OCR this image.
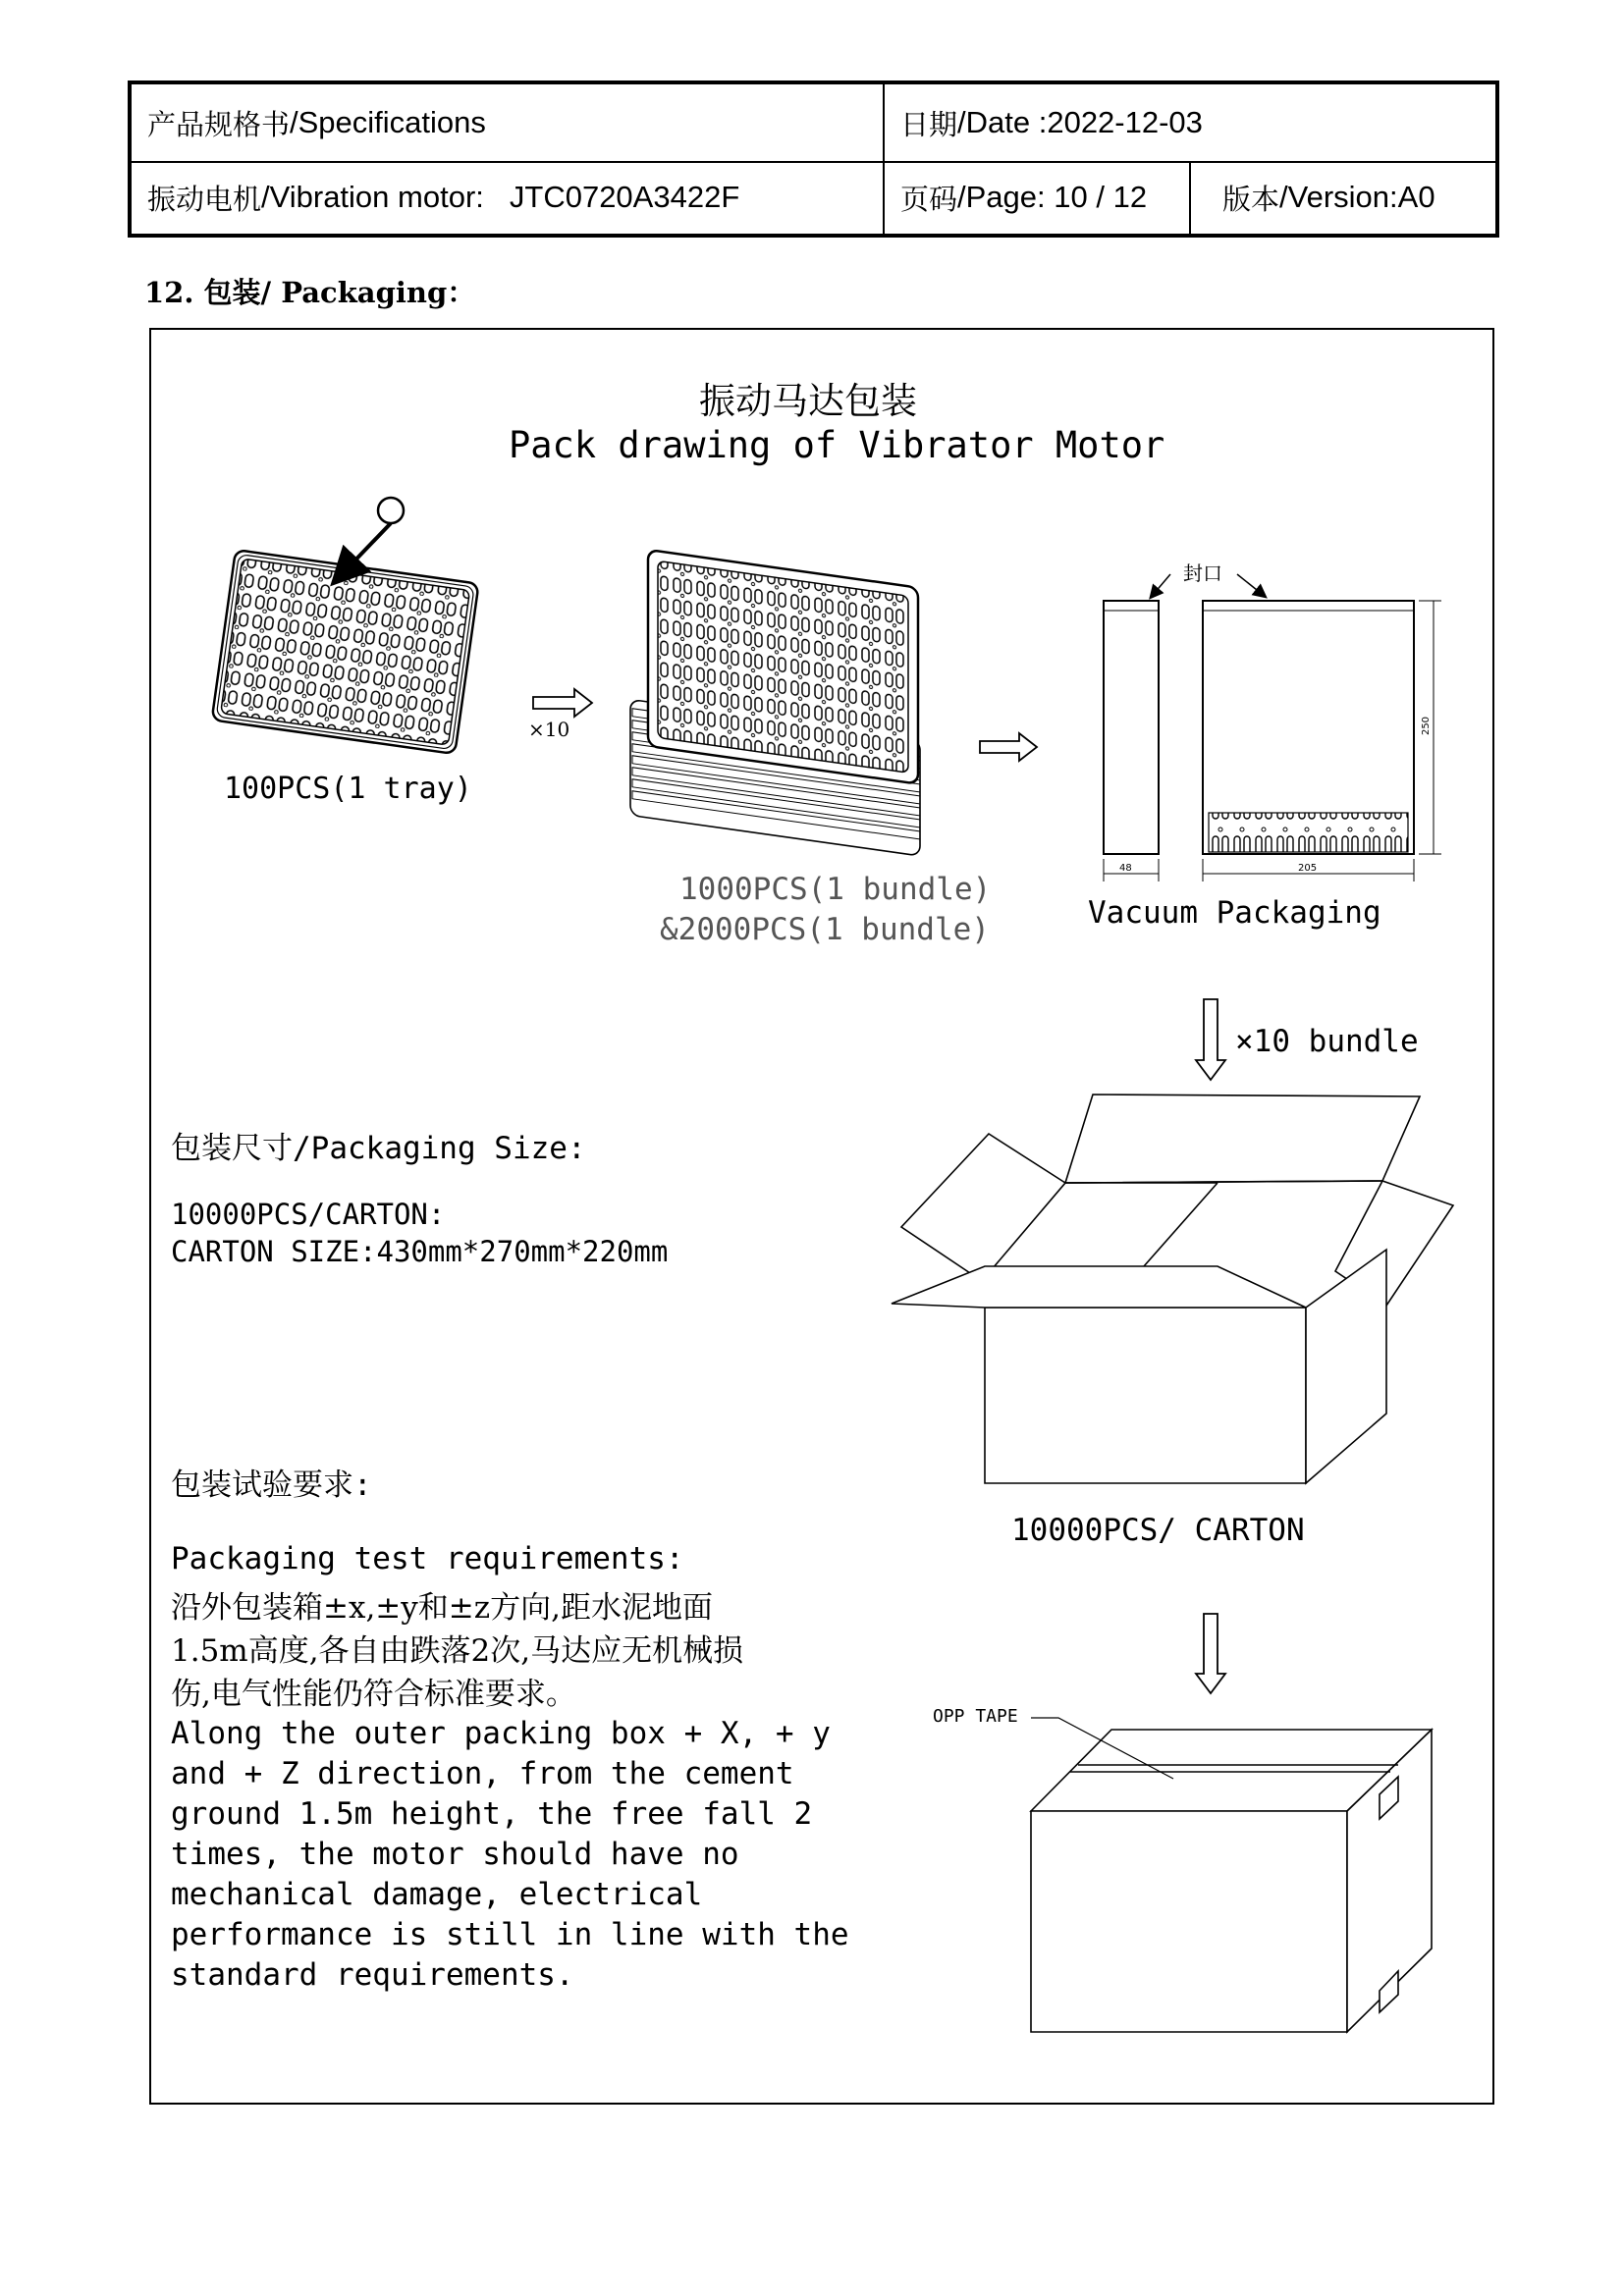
产品规格书 /Specifications	日期 /Date :2022-12-03
振动电机 /Vibration motor: JTC0720A3422F	页码 /Page: 10 / 12	版本 /Version:A0
12. 包装/ Packaging：
振动马达包装
Pack drawing of Vibrator Motor
100PCS(1 tray)
×10
1000PCS(1 bundle)
&2000PCS(1 bundle)
封口
48	205
250
Vacuum Packaging
×10 bundle
10000PCS/ CARTON
OPP TAPE
包装尺寸/Packaging Size:
10000PCS/CARTON:
CARTON SIZE:430mm*270mm*220mm
包装试验要求:
Packaging test requirements:
沿外包装箱±x,±y和±z方向,距水泥地面
1.5m高度,各自由跌落2次,马达应无机械损
伤,电气性能仍符合标准要求。
Along the outer packing box + X, + y
and + Z direction, from the cement
ground 1.5m height, the free fall 2
times, the motor should have no
mechanical damage, electrical
performance is still in line with the
standard requirements.
